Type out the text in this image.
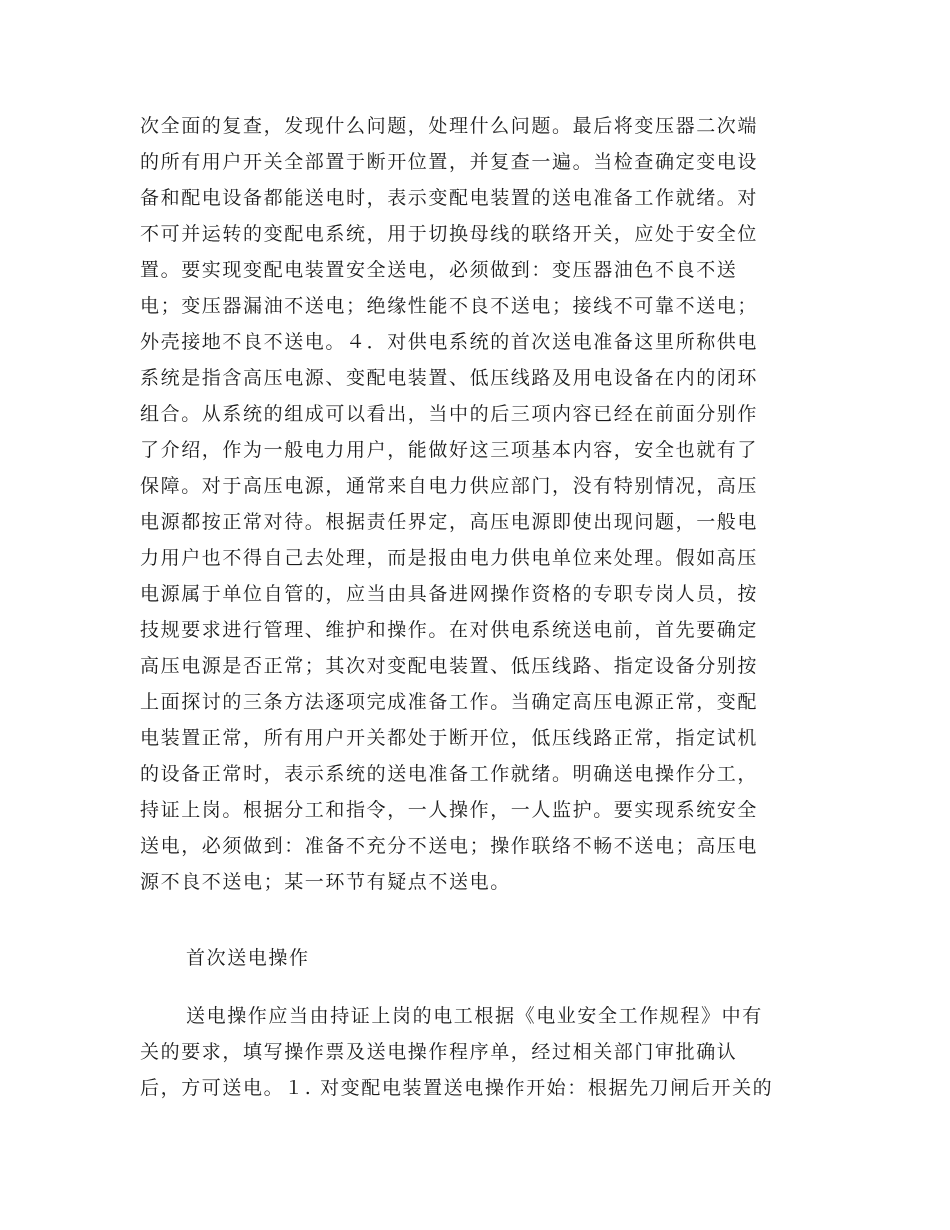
次全面的复查，发现什么问题，处理什么问题。最后将变压器二次端
的所有用户开关全部置于断开位置，并复查一遍。当检查确定变电设
备和配电设备都能送电时，表示变配电装置的送电准备工作就绪。对
不可并运转的变配电系统，用于切换母线的联络开关，应处于安全位
置。要实现变配电装置安全送电，必须做到：变压器油色不良不送
电；变压器漏油不送电；绝缘性能不良不送电；接线不可靠不送电；
外壳接地不良不送电。４．对供电系统的首次送电准备这里所称供电
系统是指含高压电源、变配电装置、低压线路及用电设备在内的闭环
组合。从系统的组成可以看出，当中的后三项内容已经在前面分别作
了介绍，作为一般电力用户，能做好这三项基本内容，安全也就有了
保障。对于高压电源，通常来自电力供应部门，没有特别情况，高压
电源都按正常对待。根据责任界定，高压电源即使出现问题，一般电
力用户也不得自己去处理，而是报由电力供电单位来处理。假如高压
电源属于单位自管的，应当由具备进网操作资格的专职专岗人员，按
技规要求进行管理、维护和操作。在对供电系统送电前，首先要确定
高压电源是否正常；其次对变配电装置、低压线路、指定设备分别按
上面探讨的三条方法逐项完成准备工作。当确定高压电源正常，变配
电装置正常，所有用户开关都处于断开位，低压线路正常，指定试机
的设备正常时，表示系统的送电准备工作就绪。明确送电操作分工，
持证上岗。根据分工和指令，一人操作，一人监护。要实现系统安全
送电，必须做到：准备不充分不送电；操作联络不畅不送电；高压电
源不良不送电；某一环节有疑点不送电。
首次送电操作
送电操作应当由持证上岗的电工根据《电业安全工作规程》中有
关的要求，填写操作票及送电操作程序单，经过相关部门审批确认
后，方可送电。１. 对变配电装置送电操作开始：根据先刀闸后开关的
